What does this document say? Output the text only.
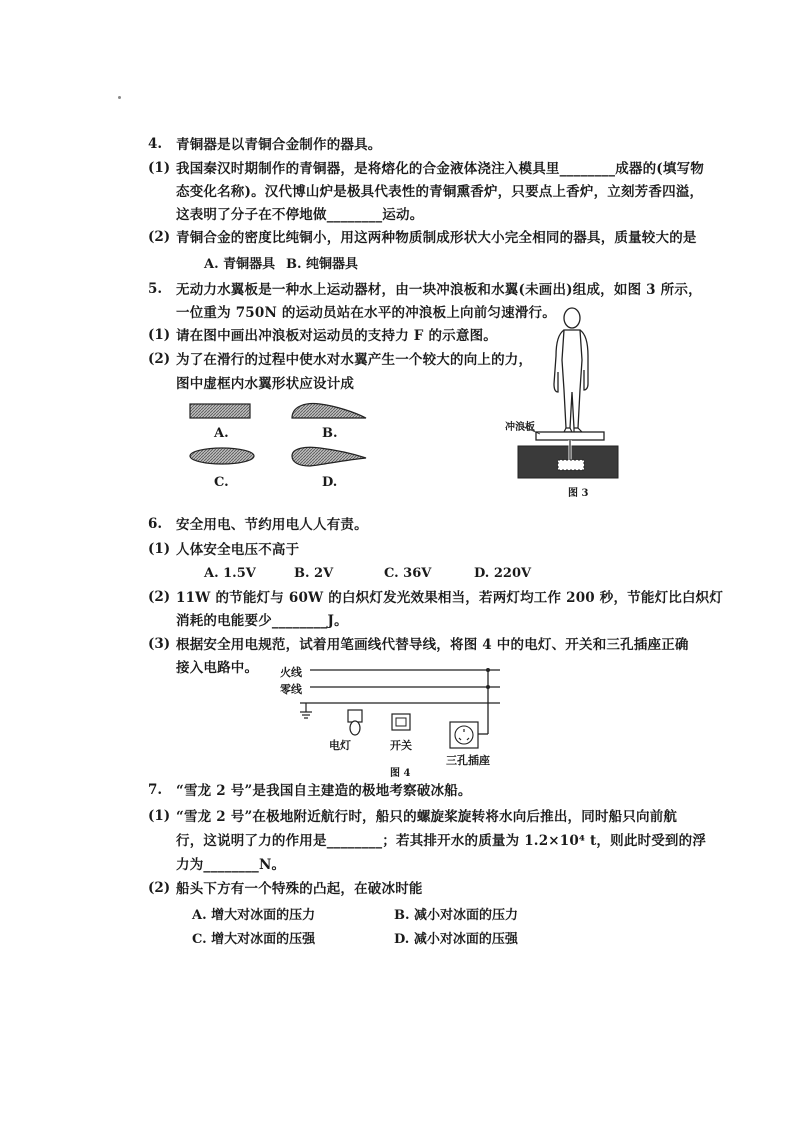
4. 青铜器是以青铜合金制作的器具。
(1) 我国秦汉时期制作的青铜器，是将熔化的合金液体浇注入模具里________成器的(填写物
态变化名称)。汉代博山炉是极具代表性的青铜熏香炉，只要点上香炉，立刻芳香四溢，
这表明了分子在不停地做________运动。
(2) 青铜合金的密度比纯铜小，用这两种物质制成形状大小完全相同的器具，质量较大的是
A. 青铜器具 B. 纯铜器具
5. 无动力水翼板是一种水上运动器材，由一块冲浪板和水翼(未画出)组成，如图 3 所示，
一位重为 750N 的运动员站在水平的冲浪板上向前匀速滑行。
(1) 请在图中画出冲浪板对运动员的支持力 F 的示意图。
(2) 为了在滑行的过程中使水对水翼产生一个较大的向上的力，
图中虚框内水翼形状应设计成
A.	B.
C.	D.
冲浪板
图 3
6. 安全用电、节约用电人人有责。
(1) 人体安全电压不高于
A. 1.5V	B. 2V	C. 36V	D. 220V
(2) 11W 的节能灯与 60W 的白炽灯发光效果相当，若两灯均工作 200 秒，节能灯比白炽灯
消耗的电能要少________J。
(3) 根据安全用电规范，试着用笔画线代替导线，将图 4 中的电灯、开关和三孔插座正确
接入电路中。 火线
零线
电灯	开关
三孔插座
图 4
7. “雪龙 2 号”是我国自主建造的极地考察破冰船。
(1) “雪龙 2 号”在极地附近航行时，船只的螺旋桨旋转将水向后推出，同时船只向前航
行，这说明了力的作用是________；若其排开水的质量为 1.2×10⁴ t，则此时受到的浮
力为________N。
(2) 船头下方有一个特殊的凸起，在破冰时能
A. 增大对冰面的压力	B. 减小对冰面的压力
C. 增大对冰面的压强	D. 减小对冰面的压强
